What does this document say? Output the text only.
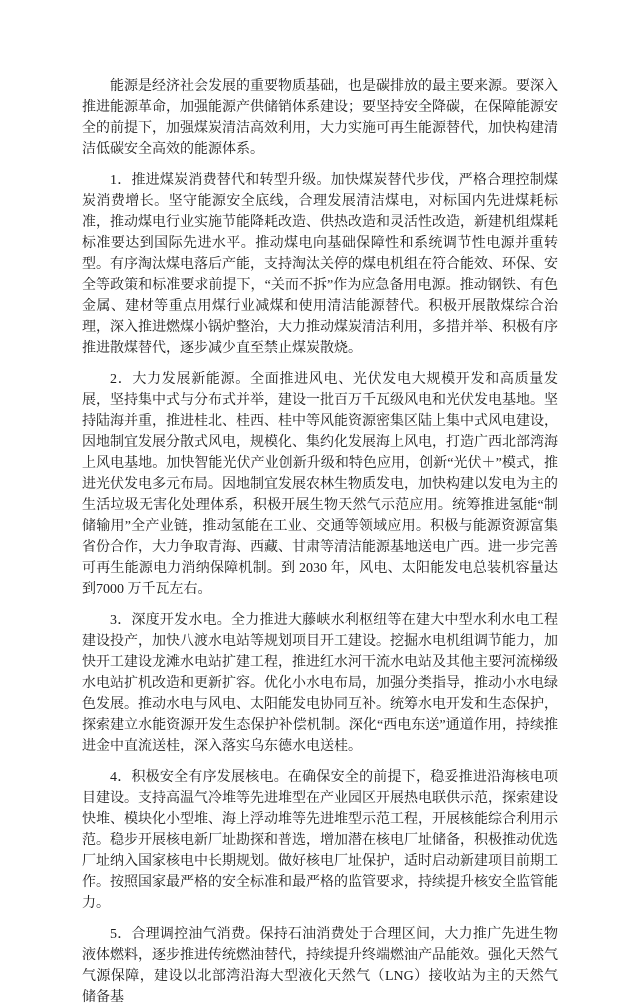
能源是经济社会发展的重要物质基础，也是碳排放的最主要来源。要深入推进能源革命，加强能源产供储销体系建设；要坚持安全降碳，在保障能源安全的前提下，加强煤炭清洁高效利用，大力实施可再生能源替代，加快构建清洁低碳安全高效的能源体系。

1．推进煤炭消费替代和转型升级。加快煤炭替代步伐，严格合理控制煤炭消费增长。坚守能源安全底线，合理发展清洁煤电，对标国内先进煤耗标准，推动煤电行业实施节能降耗改造、供热改造和灵活性改造，新建机组煤耗标准要达到国际先进水平。推动煤电向基础保障性和系统调节性电源并重转型。有序淘汰煤电落后产能，支持淘汰关停的煤电机组在符合能效、环保、安全等政策和标准要求前提下，“关而不拆”作为应急备用电源。推动钢铁、有色金属、建材等重点用煤行业减煤和使用清洁能源替代。积极开展散煤综合治理，深入推进燃煤小锅炉整治，大力推动煤炭清洁利用，多措并举、积极有序推进散煤替代，逐步减少直至禁止煤炭散烧。

2．大力发展新能源。全面推进风电、光伏发电大规模开发和高质量发展，坚持集中式与分布式并举，建设一批百万千瓦级风电和光伏发电基地。坚持陆海并重，推进桂北、桂西、桂中等风能资源密集区陆上集中式风电建设，因地制宜发展分散式风电，规模化、集约化发展海上风电，打造广西北部湾海上风电基地。加快智能光伏产业创新升级和特色应用，创新“光伏＋”模式，推进光伏发电多元布局。因地制宜发展农林生物质发电，加快构建以发电为主的生活垃圾无害化处理体系，积极开展生物天然气示范应用。统筹推进氢能“制储输用”全产业链，推动氢能在工业、交通等领域应用。积极与能源资源富集省份合作，大力争取青海、西藏、甘肃等清洁能源基地送电广西。进一步完善可再生能源电力消纳保障机制。到 2030 年，风电、太阳能发电总装机容量达到7000 万千瓦左右。

3．深度开发水电。全力推进大藤峡水利枢纽等在建大中型水利水电工程建设投产，加快八渡水电站等规划项目开工建设。挖掘水电机组调节能力，加快开工建设龙滩水电站扩建工程，推进红水河干流水电站及其他主要河流梯级水电站扩机改造和更新扩容。优化小水电布局，加强分类指导，推动小水电绿色发展。推动水电与风电、太阳能发电协同互补。统筹水电开发和生态保护，探索建立水能资源开发生态保护补偿机制。深化“西电东送”通道作用，持续推进金中直流送桂，深入落实乌东德水电送桂。

4．积极安全有序发展核电。在确保安全的前提下，稳妥推进沿海核电项目建设。支持高温气冷堆等先进堆型在产业园区开展热电联供示范，探索建设快堆、模块化小型堆、海上浮动堆等先进堆型示范工程，开展核能综合利用示范。稳步开展核电新厂址勘探和普选，增加潜在核电厂址储备，积极推动优选厂址纳入国家核电中长期规划。做好核电厂址保护，适时启动新建项目前期工作。按照国家最严格的安全标准和最严格的监管要求，持续提升核安全监管能力。

5．合理调控油气消费。保持石油消费处于合理区间，大力推广先进生物液体燃料，逐步推进传统燃油替代，持续提升终端燃油产品能效。强化天然气气源保障，建设以北部湾沿海大型液化天然气（LNG）接收站为主的天然气储备基
